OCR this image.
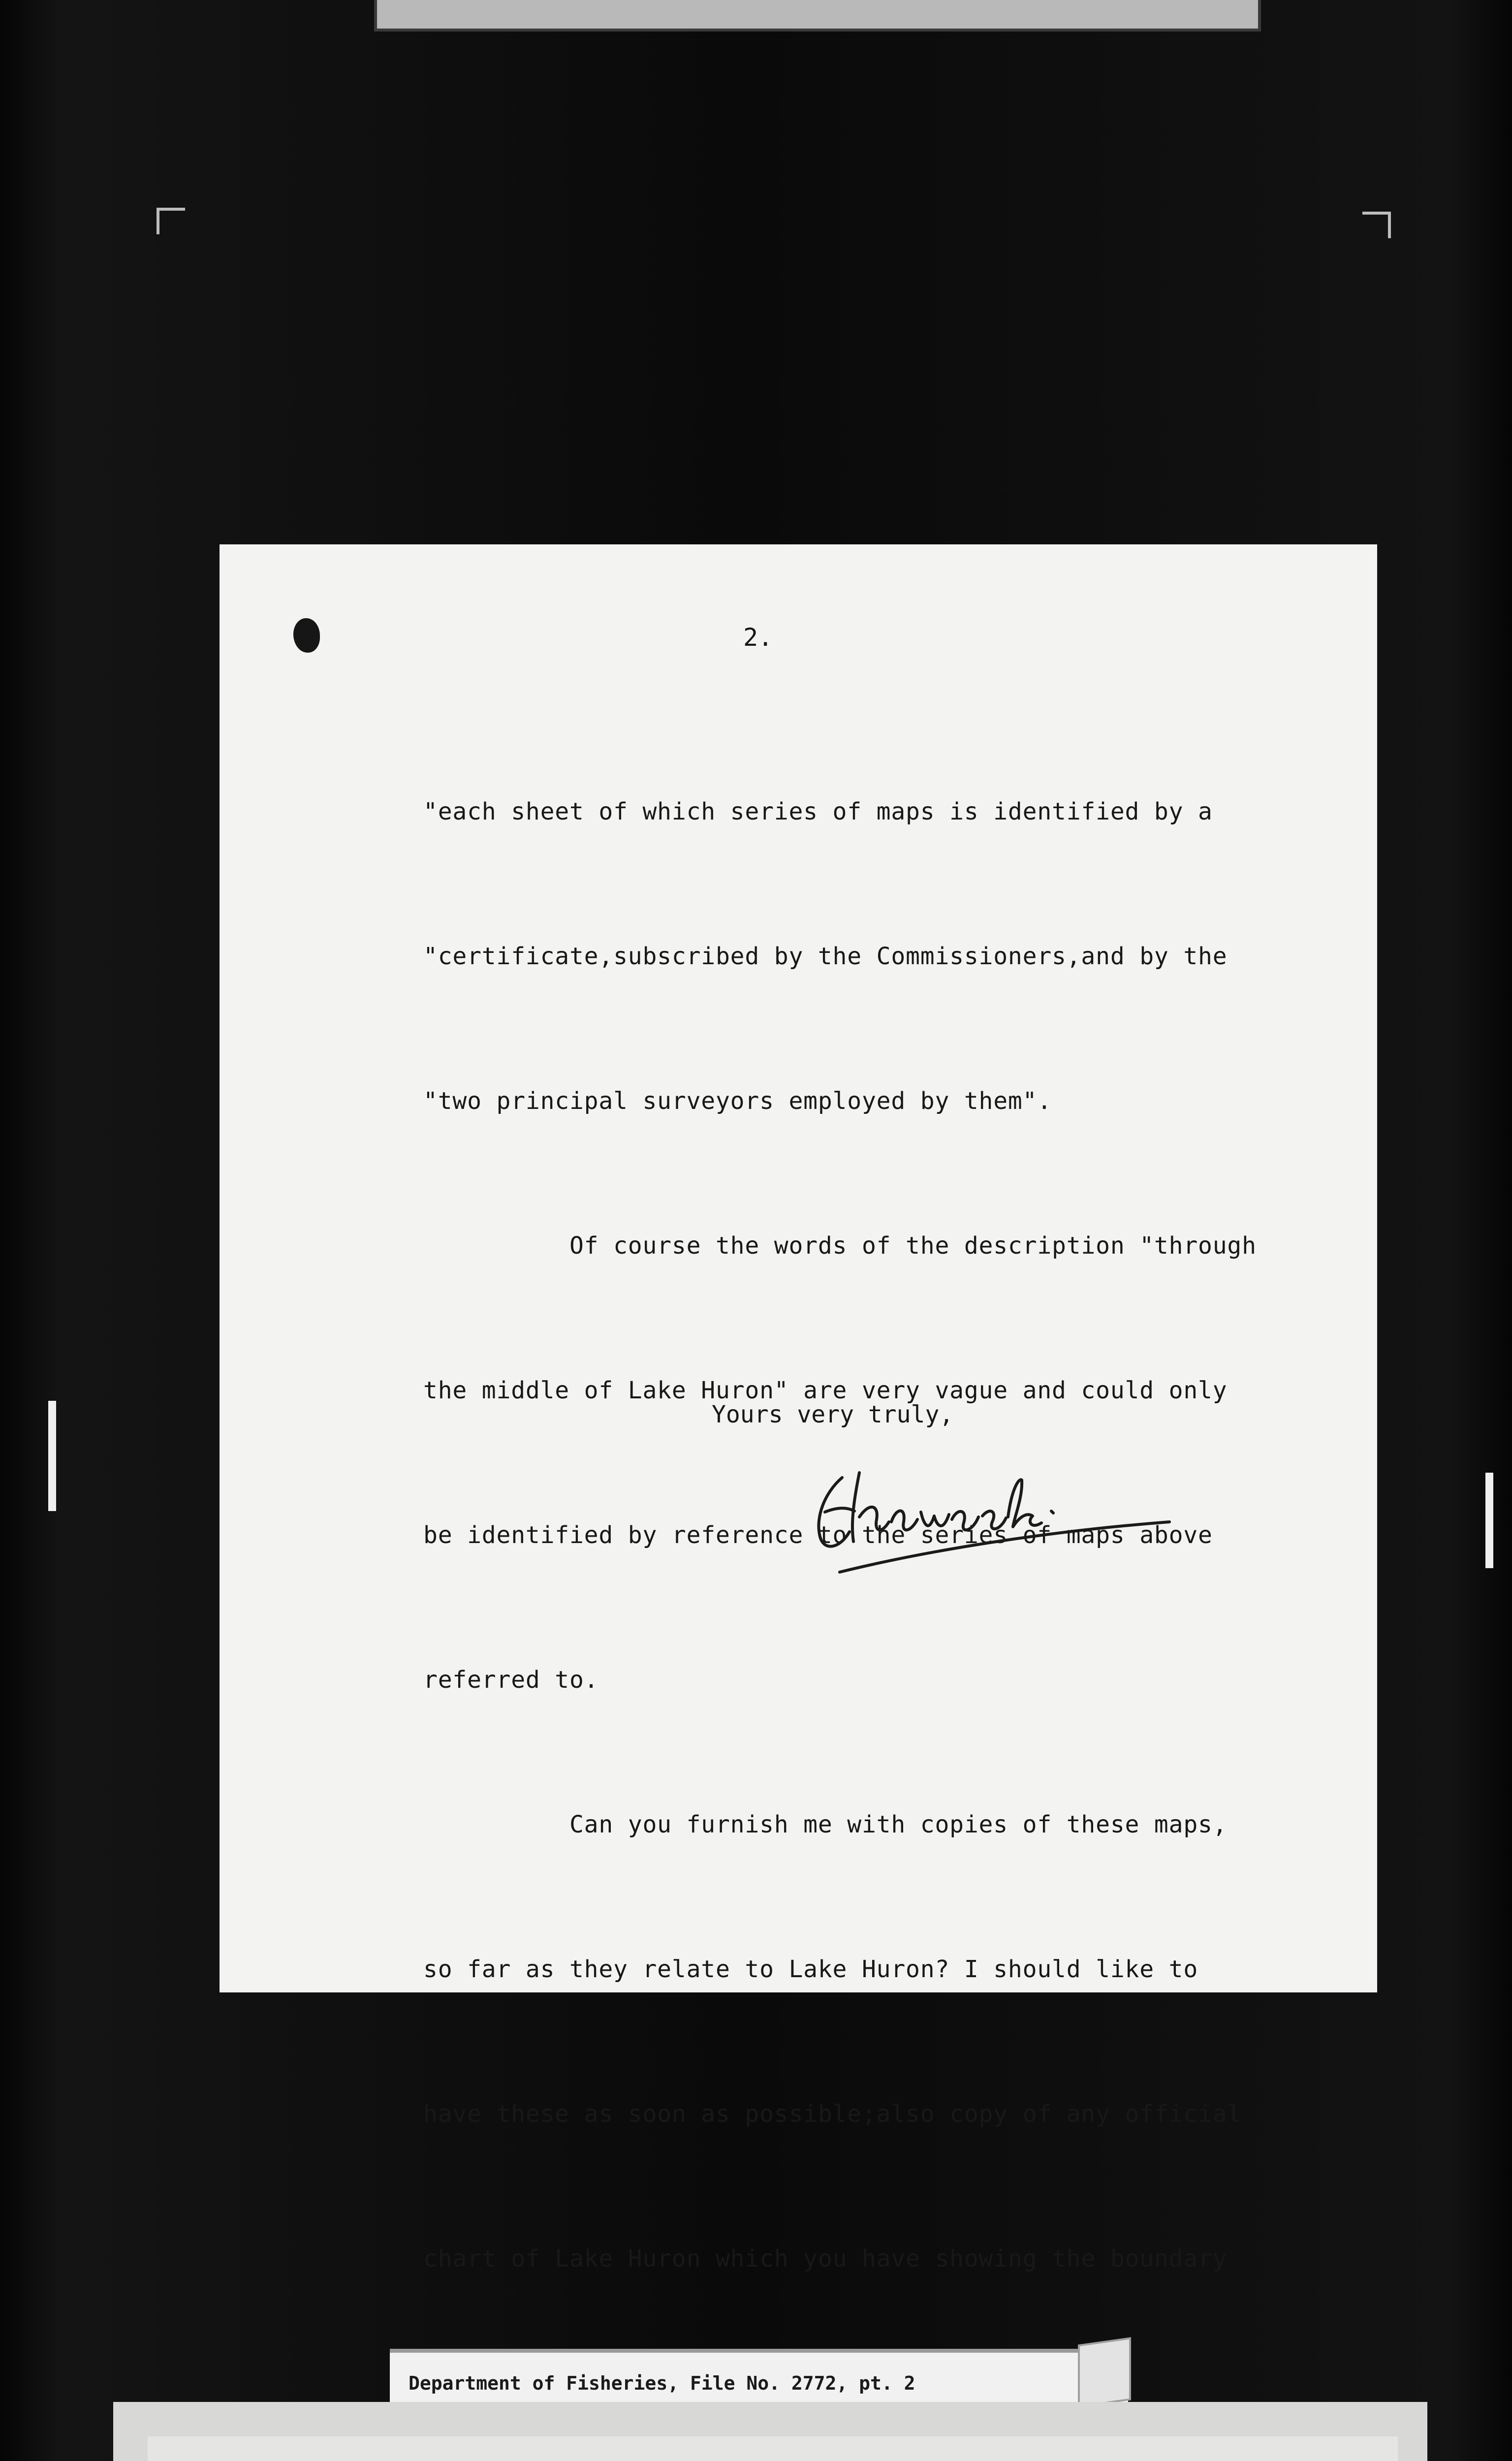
2.

"each sheet of which series of maps is identified by a

"certificate,subscribed by the Commissioners,and by the

"two principal surveyors employed by them".

Of course the words of the description "through

the middle of Lake Huron" are very vague and could only

be identified by reference to the series of maps above

referred to.

Can you furnish me with copies of these maps,

so far as they relate to Lake Huron? I should like to

have these as soon as possible;also copy of any official

chart of Lake Huron which you have showing the boundary

Yours very truly,

Department of Fisheries, File No. 2772, pt. 2
